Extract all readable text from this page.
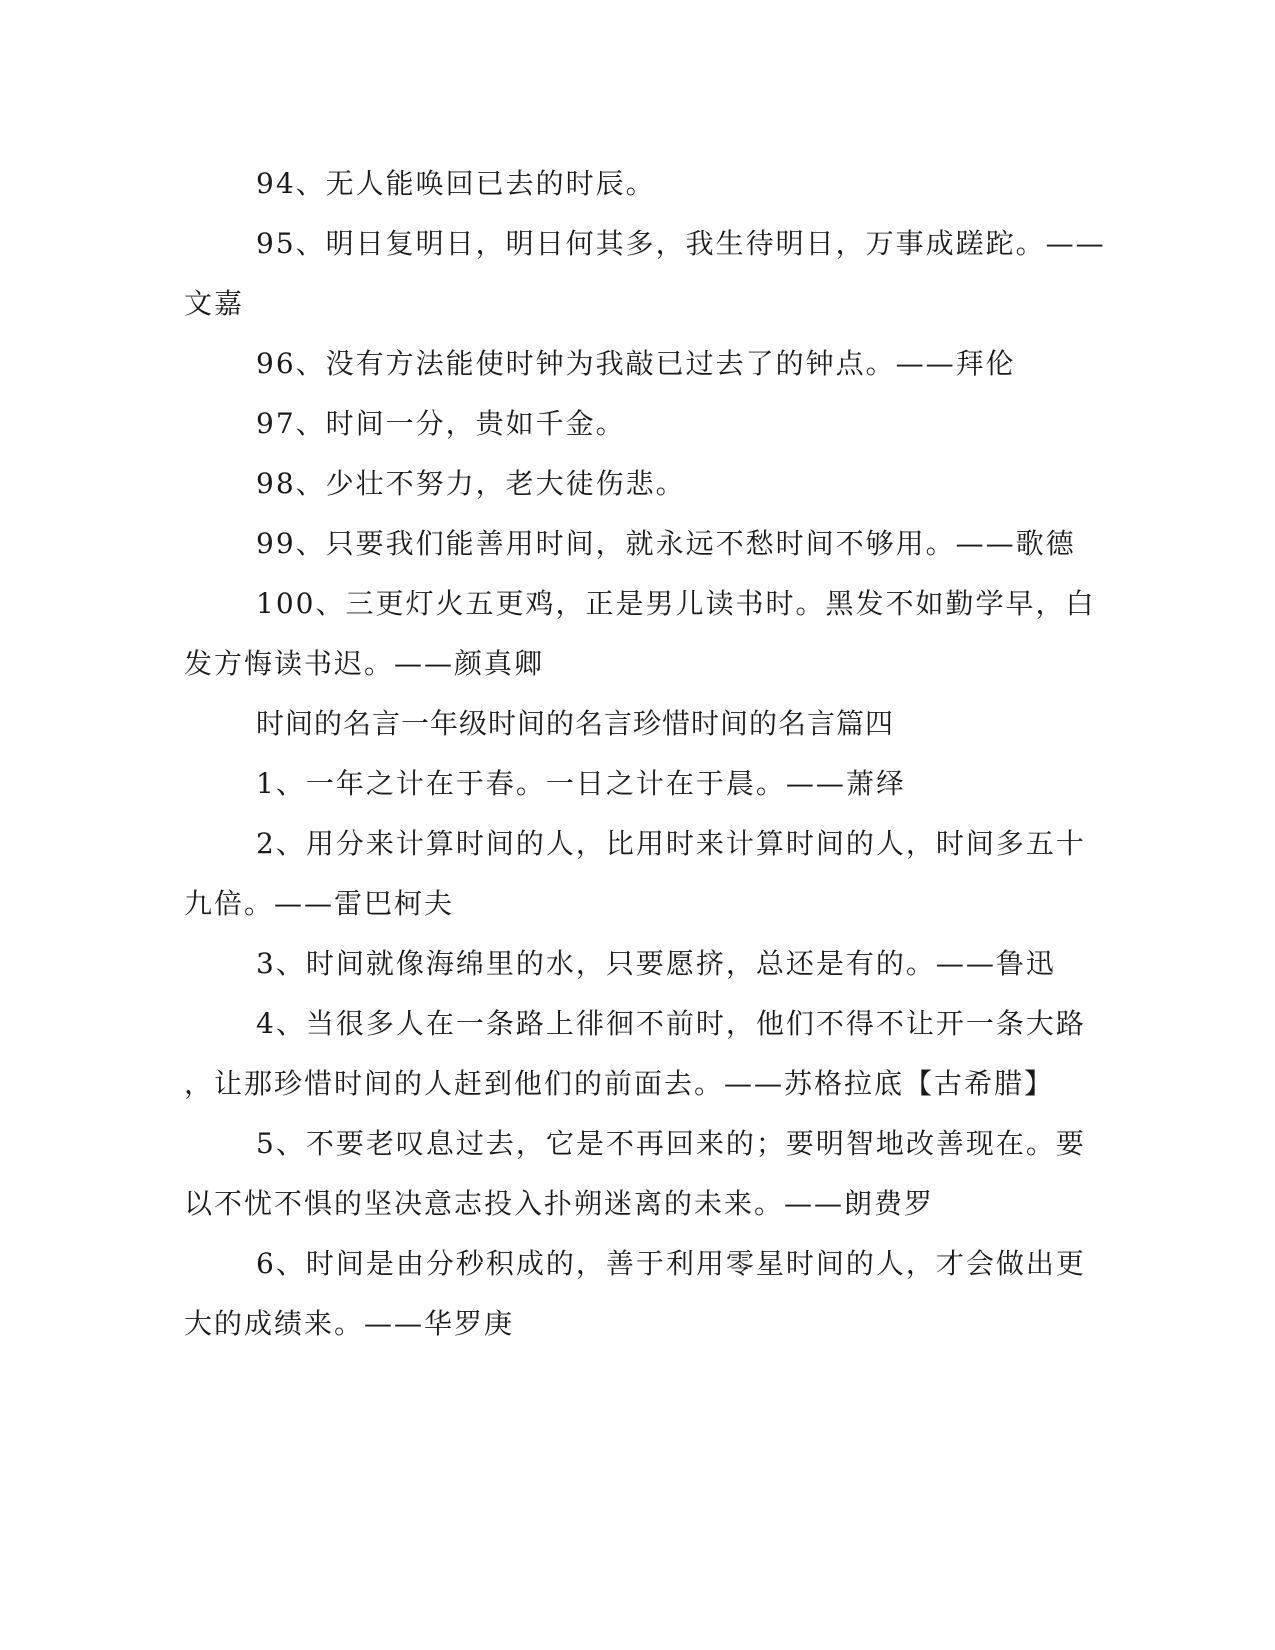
94、无人能唤回已去的时辰。
95、明日复明日，明日何其多，我生待明日，万事成蹉跎。——
文嘉
96、没有方法能使时钟为我敲已过去了的钟点。——拜伦
97、时间一分，贵如千金。
98、少壮不努力，老大徒伤悲。
99、只要我们能善用时间，就永远不愁时间不够用。——歌德
100、三更灯火五更鸡，正是男儿读书时。黑发不如勤学早，白
发方悔读书迟。——颜真卿
时间的名言一年级时间的名言珍惜时间的名言篇四
1、一年之计在于春。一日之计在于晨。——萧绎
2、用分来计算时间的人，比用时来计算时间的人，时间多五十
九倍。——雷巴柯夫
3、时间就像海绵里的水，只要愿挤，总还是有的。——鲁迅
4、当很多人在一条路上徘徊不前时，他们不得不让开一条大路
，让那珍惜时间的人赶到他们的前面去。——苏格拉底【古希腊】
5、不要老叹息过去，它是不再回来的；要明智地改善现在。要
以不忧不惧的坚决意志投入扑朔迷离的未来。——朗费罗
6、时间是由分秒积成的，善于利用零星时间的人，才会做出更
大的成绩来。——华罗庚
